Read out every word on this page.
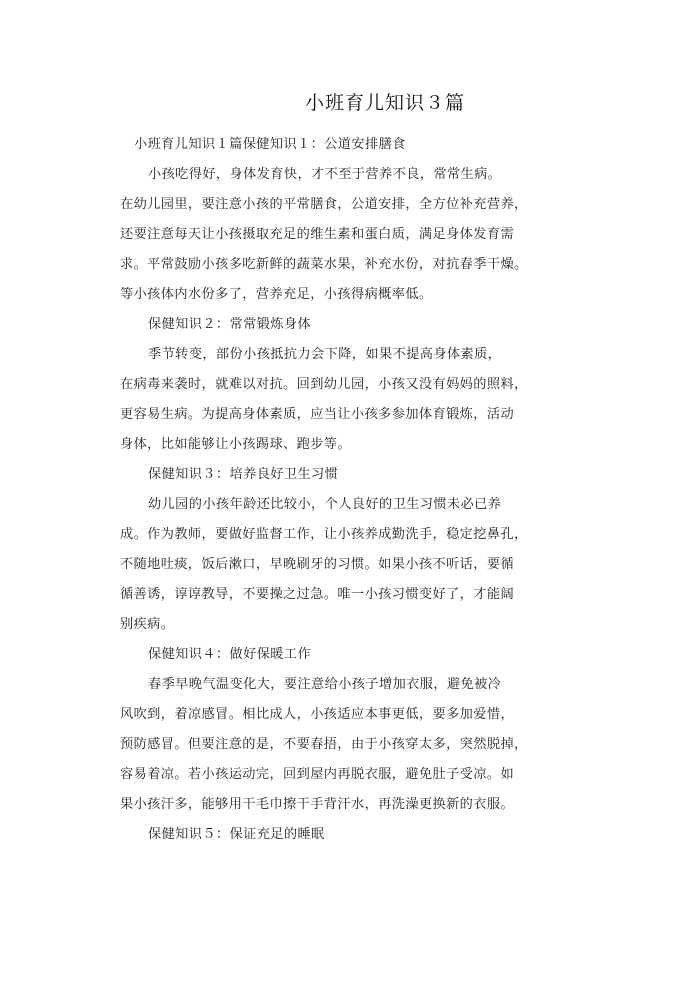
小班育儿知识３篇
小班育儿知识１篇保健知识１：公道安排膳食
小孩吃得好，身体发育快，才不至于营养不良，常常生病。
在幼儿园里，要注意小孩的平常膳食，公道安排，全方位补充营养，
还要注意每天让小孩摄取充足的维生素和蛋白质，满足身体发育需
求。平常鼓励小孩多吃新鲜的蔬菜水果，补充水份，对抗春季干燥。
等小孩体内水份多了，营养充足，小孩得病概率低。
保健知识２：常常锻炼身体
季节转变，部份小孩抵抗力会下降，如果不提高身体素质，
在病毒来袭时，就难以对抗。回到幼儿园，小孩又没有妈妈的照料，
更容易生病。为提高身体素质，应当让小孩多参加体育锻炼，活动
身体，比如能够让小孩踢球、跑步等。
保健知识３：培养良好卫生习惯
幼儿园的小孩年龄还比较小，个人良好的卫生习惯未必已养
成。作为教师，要做好监督工作，让小孩养成勤洗手，稳定挖鼻孔，
不随地吐痰，饭后漱口，早晚刷牙的习惯。如果小孩不听话，要循
循善诱，谆谆教导，不要操之过急。唯一小孩习惯变好了，才能阔
别疾病。
保健知识４：做好保暖工作
春季早晚气温变化大，要注意给小孩子增加衣服，避免被冷
风吹到，着凉感冒。相比成人，小孩适应本事更低，要多加爱惜，
预防感冒。但要注意的是，不要春捂，由于小孩穿太多，突然脱掉，
容易着凉。若小孩运动完，回到屋内再脱衣服，避免肚子受凉。如
果小孩汗多，能够用干毛巾擦干手背汗水，再洗澡更换新的衣服。
保健知识５：保证充足的睡眠
